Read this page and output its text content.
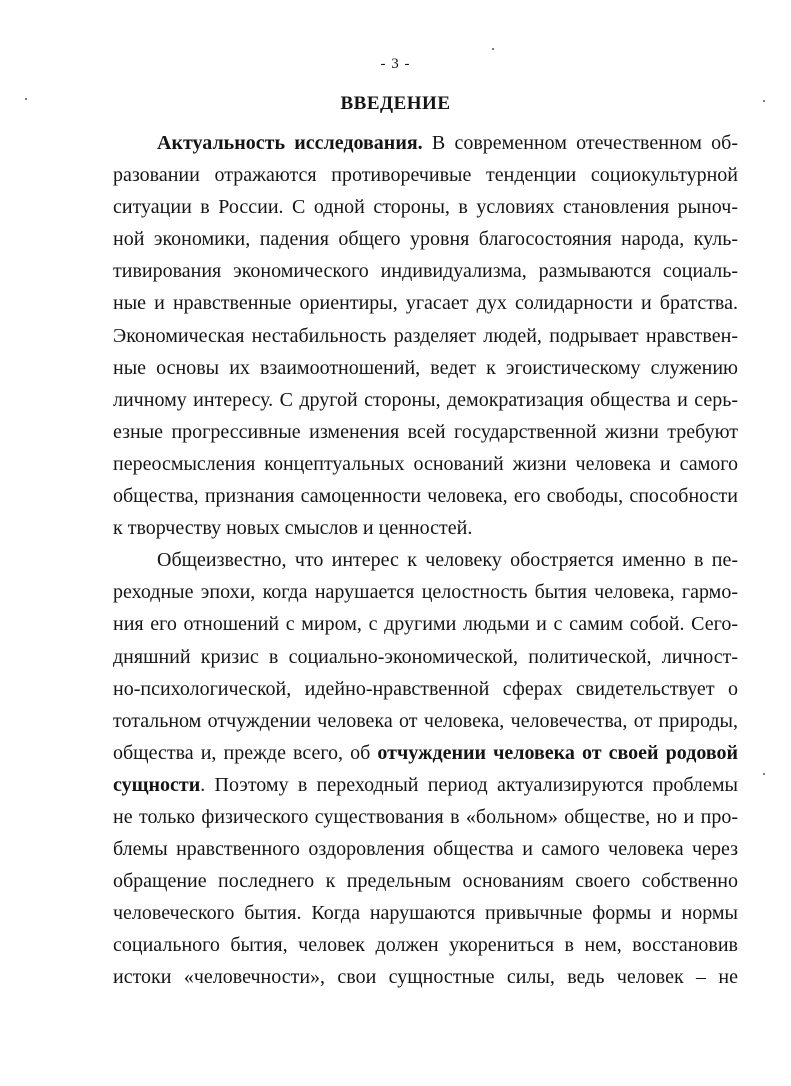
- 3 -
ВВЕДЕНИЕ
Актуальность исследования. В современном отечественном об-
разовании отражаются противоречивые тенденции социокультурной
ситуации в России. С одной стороны, в условиях становления рыноч-
ной экономики, падения общего уровня благосостояния народа, куль-
тивирования экономического индивидуализма, размываются социаль-
ные и нравственные ориентиры, угасает дух солидарности и братства.
Экономическая нестабильность разделяет людей, подрывает нравствен-
ные основы их взаимоотношений, ведет к эгоистическому служению
личному интересу. С другой стороны, демократизация общества и серь-
езные прогрессивные изменения всей государственной жизни требуют
переосмысления концептуальных оснований жизни человека и самого
общества, признания самоценности человека, его свободы, способности
к творчеству новых смыслов и ценностей.
Общеизвестно, что интерес к человеку обостряется именно в пе-
реходные эпохи, когда нарушается целостность бытия человека, гармо-
ния его отношений с миром, с другими людьми и с самим собой. Сего-
дняшний кризис в социально-экономической, политической, личност-
но-психологической, идейно-нравственной сферах свидетельствует о
тотальном отчуждении человека от человека, человечества, от природы,
общества и, прежде всего, об отчуждении человека от своей родовой
сущности. Поэтому в переходный период актуализируются проблемы
не только физического существования в «больном» обществе, но и про-
блемы нравственного оздоровления общества и самого человека через
обращение последнего к предельным основаниям своего собственно
человеческого бытия. Когда нарушаются привычные формы и нормы
социального бытия, человек должен укорениться в нем, восстановив
истоки «человечности», свои сущностные силы, ведь человек – не
